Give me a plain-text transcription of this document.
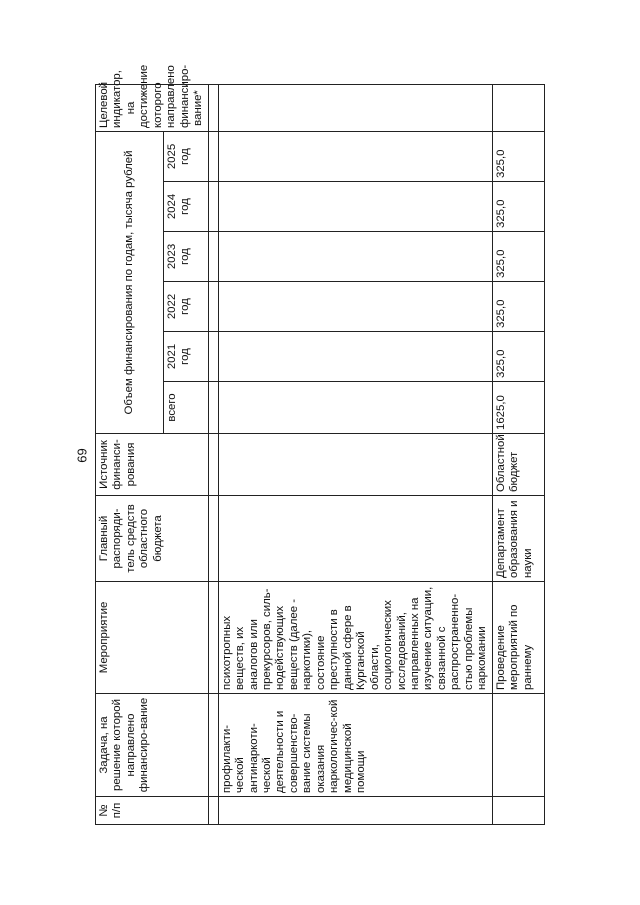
69
№ п/п	Задача, на решение которой направлено финансиро-вание	Мероприятие	Главный распоряди-тель средств областного бюджета	Источник финанси-рования	Объем финансирования по годам, тысяча рублей						Целевой индикатор, на достижение которого направлено финансиро-вание*
					всего	2021 год	2022 год	2023 год	2024 год	2025 год	

	профилакти-ческой антинаркоти-ческой деятельности и совершенство-вание системы оказания наркологичес-кой медицинской помощи	психотропных веществ, их аналогов или прекурсоров, силь-нодействующих веществ (далее - наркотики), состояние преступности в данной сфере в Курганской области, социологических исследований, направленных на изучение ситуации, связанной с распространенно-стью проблемы наркомании									
		Проведение мероприятий по раннему	Департамент образования и науки	Областной бюджет	1625,0	325,0	325,0	325,0	325,0	325,0	
